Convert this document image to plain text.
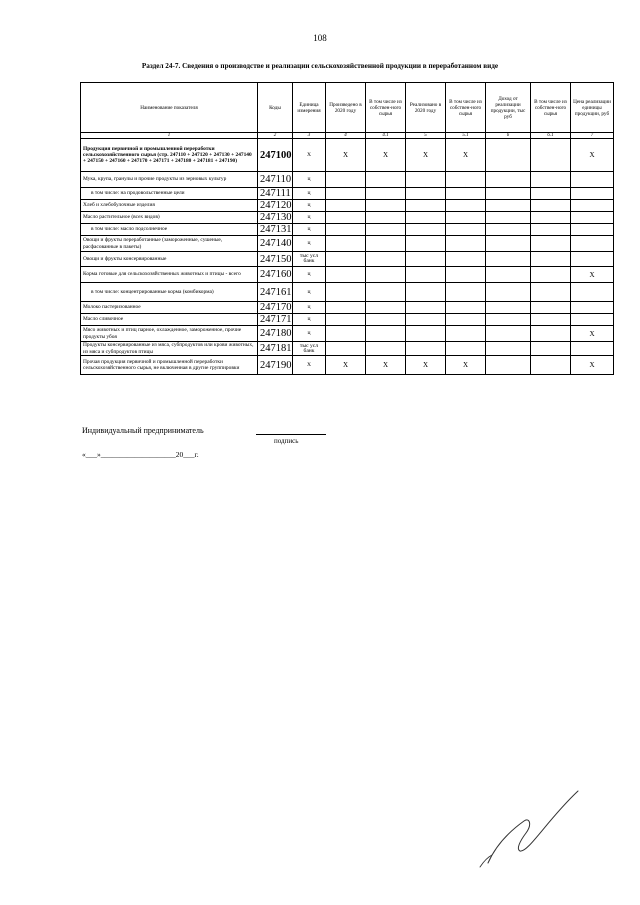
108
Раздел 24-7. Сведения о производстве и реализации сельскохозяйственной продукции в переработанном виде
Наименование показателя	Коды	Единица измерения	Произведено в 2020 году	В том числе из собствен-ного сырья	Реализовано в 2020 году	В том числе из собствен-ного сырья	Доход от реализации продукции, тыс руб	В том числе из собствен-ного сырья	Цена реализации единицы продукции, руб
1	2	3	4	4.1	5	5.1	6	6.1	7
Продукция первичной и промышленной переработки сельскохозяйственного сырья (стр. 247110 + 247120 + 247130 + 247140 + 247150 + 247160 + 247170 + 247171 + 247180 + 247181 + 247190)	247100	X	X	X	X	X			X
Мука, крупа, гранулы и прочие продукты из зерновых культур	247110	ц							
в том числе: на продовольственные цели	247111	ц							
Хлеб и хлебобулочные изделия	247120	ц							
Масло растительное (всех видов)	247130	ц							
в том числе: масло подсолнечное	247131	ц							
Овощи и фрукты переработанные (замороженные, сушеные, расфасованные в пакеты)	247140	ц							
Овощи и фрукты консервированные	247150	тыс усл банк							
Корма готовые для сельскохозяйственных животных и птицы - всего	247160	ц							X
в том числе: концентрированные корма (комбикорма)	247161	ц							
Молоко пастеризованное	247170	ц							
Масло сливочное	247171	ц							
Мясо животных и птиц парное, охлажденное, замороженное, прочие продукты убоя	247180	ц							X
Продукты консервированные из мяса, субпродуктов или крови животных, из мяса и субпродуктов птицы	247181	тыс усл банк							
Прочая продукция первичной и промышленной переработки сельскохозяйственного сырья, не включенная в другие группировки	247190	X	X	X	X	X			X
Индивидуальный предприниматель
подпись
«___»____________________20___г.
